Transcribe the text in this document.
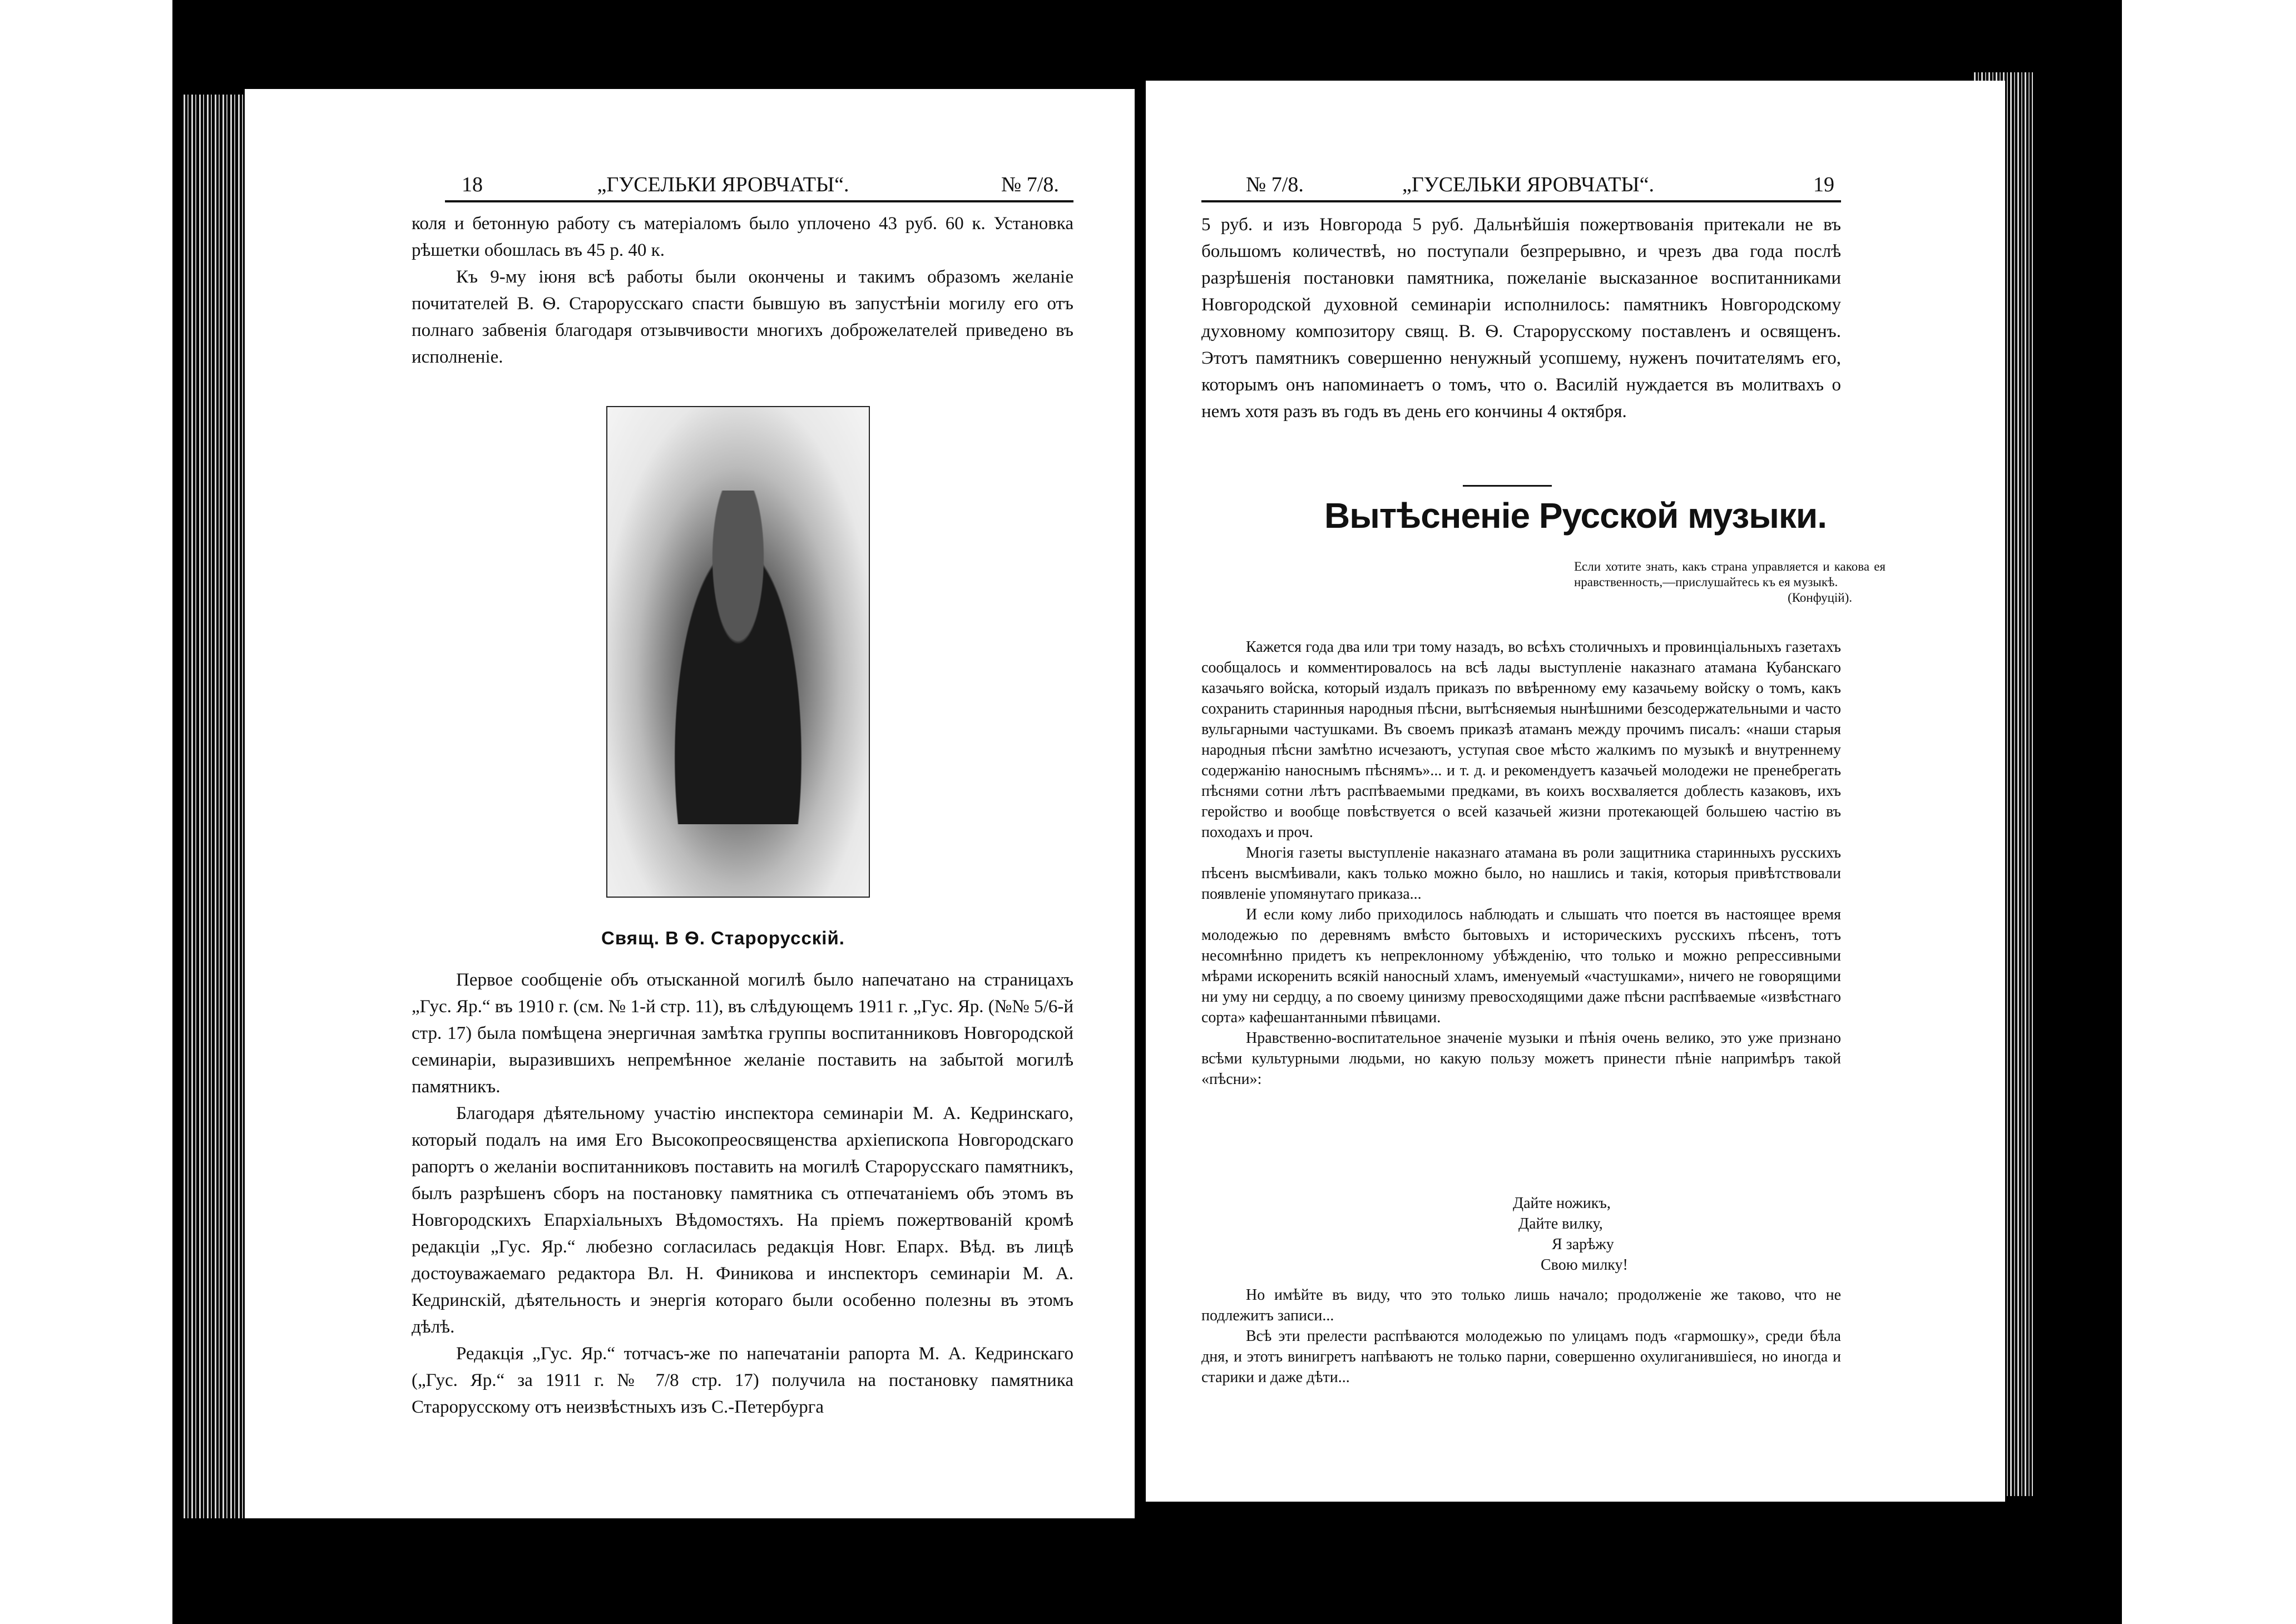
18	„ГУСЕЛЬКИ ЯРОВЧАТЫ“.	№ 7/8.

коля и бетонную работу съ матеріаломъ было уплочено 43 руб. 60 к. Установка рѣшетки обошлась въ 45 р. 40 к.

Къ 9-му іюня всѣ работы были окончены и такимъ образомъ желаніе почитателей В. Ѳ. Старорусскаго спасти бывшую въ запустѣніи могилу его отъ полнаго забвенія благодаря отзывчивости многихъ доброжелателей приведено въ исполненіе.

Свящ. В Ѳ. Старорусскій.

Первое сообщеніе объ отысканной могилѣ было напечатано на страницахъ „Гус. Яр.“ въ 1910 г. (см. № 1-й стр. 11), въ слѣдующемъ 1911 г. „Гус. Яр. (№№ 5/6-й стр. 17) была помѣщена энергичная замѣтка группы воспитанниковъ Новгородской семинаріи, выразившихъ непремѣнное желаніе поставить на забытой могилѣ памятникъ.

Благодаря дѣятельному участію инспектора семинаріи М. А. Кедринскаго, который подалъ на имя Его Высокопреосвященства архіепископа Новгородскаго рапортъ о желаніи воспитанниковъ поставить на могилѣ Старорусскаго памятникъ, былъ разрѣшенъ сборъ на постановку памятника съ отпечатаніемъ объ этомъ въ Новгородскихъ Епархіальныхъ Вѣдомостяхъ. На пріемъ пожертвованій кромѣ редакціи „Гус. Яр.“ любезно согласилась редакція Новг. Епарх. Вѣд. въ лицѣ достоуважаемаго редактора Вл. Н. Финикова и инспекторъ семинаріи М. А. Кедринскій, дѣятельность и энергія котораго были особенно полезны въ этомъ дѣлѣ.

Редакція „Гус. Яр.“ тотчасъ-же по напечатаніи рапорта М. А. Кедринскаго („Гус. Яр.“ за 1911 г. № 7/8 стр. 17) получила на постановку памятника Старорусскому отъ неизвѣстныхъ изъ С.-Петербурга

№ 7/8.	„ГУСЕЛЬКИ ЯРОВЧАТЫ“.	19

5 руб. и изъ Новгорода 5 руб. Дальнѣйшія пожертвованія притекали не въ большомъ количествѣ, но поступали безпрерывно, и чрезъ два года послѣ разрѣшенія постановки памятника, пожеланіе высказанное воспитанниками Новгородской духовной семинаріи исполнилось: памятникъ Новгородскому духовному композитору свящ. В. Ѳ. Старорусскому поставленъ и освященъ. Этотъ памятникъ совершенно ненужный усопшему, нуженъ почитателямъ его, которымъ онъ напоминаетъ о томъ, что о. Василій нуждается въ молитвахъ о немъ хотя разъ въ годъ въ день его кончины 4 октября.

Вытѣсненіе Русской музыки.
Если хотите знать, какъ страна управляется и какова ея нравственность,—прислушайтесь къ ея музыкѣ.
(Конфуцій).

Кажется года два или три тому назадъ, во всѣхъ столичныхъ и провинціальныхъ газетахъ сообщалось и комментировалось на всѣ лады выступленіе наказнаго атамана Кубанскаго казачьяго войска, который издалъ приказъ по ввѣренному ему казачьему войску о томъ, какъ сохранить старинныя народныя пѣсни, вытѣсняемыя нынѣшними безсодержательными и часто вульгарными частушками. Въ своемъ приказѣ атаманъ между прочимъ писалъ: «наши старыя народныя пѣсни замѣтно исчезаютъ, уступая свое мѣсто жалкимъ по музыкѣ и внутреннему содержанію наноснымъ пѣснямъ»... и т. д. и рекомендуетъ казачьей молодежи не пренебрегать пѣснями сотни лѣтъ распѣваемыми предками, въ коихъ восхваляется доблесть казаковъ, ихъ геройство и вообще повѣствуется о всей казачьей жизни протекающей большею частію въ походахъ и проч.

Многія газеты выступленіе наказнаго атамана въ роли защитника старинныхъ русскихъ пѣсенъ высмѣивали, какъ только можно было, но нашлись и такія, которыя привѣтствовали появленіе упомянутаго приказа...

И если кому либо приходилось наблюдать и слышать что поется въ настоящее время молодежью по деревнямъ вмѣсто бытовыхъ и историческихъ русскихъ пѣсенъ, тотъ несомнѣнно придетъ къ непреклонному убѣжденію, что только и можно репрессивными мѣрами искоренить всякій наносный хламъ, именуемый «частушками», ничего не говорящими ни уму ни сердцу, а по своему цинизму превосходящими даже пѣсни распѣваемые «извѣстнаго сорта» кафешантанными пѣвицами.

Нравственно-воспитательное значеніе музыки и пѣнія очень велико, это уже признано всѣми культурными людьми, но какую пользу можетъ принести пѣніе напримѣръ такой «пѣсни»:

Дайте ножикъ,
Дайте вилку,
Я зарѣжу
Свою милку!

Но имѣйте въ виду, что это только лишь начало; продолженіе же таково, что не подлежитъ записи...

Всѣ эти прелести распѣваются молодежью по улицамъ подъ «гармошку», среди бѣла дня, и этотъ винигретъ напѣваютъ не только парни, совершенно охулиганившіеся, но иногда и старики и даже дѣти...
